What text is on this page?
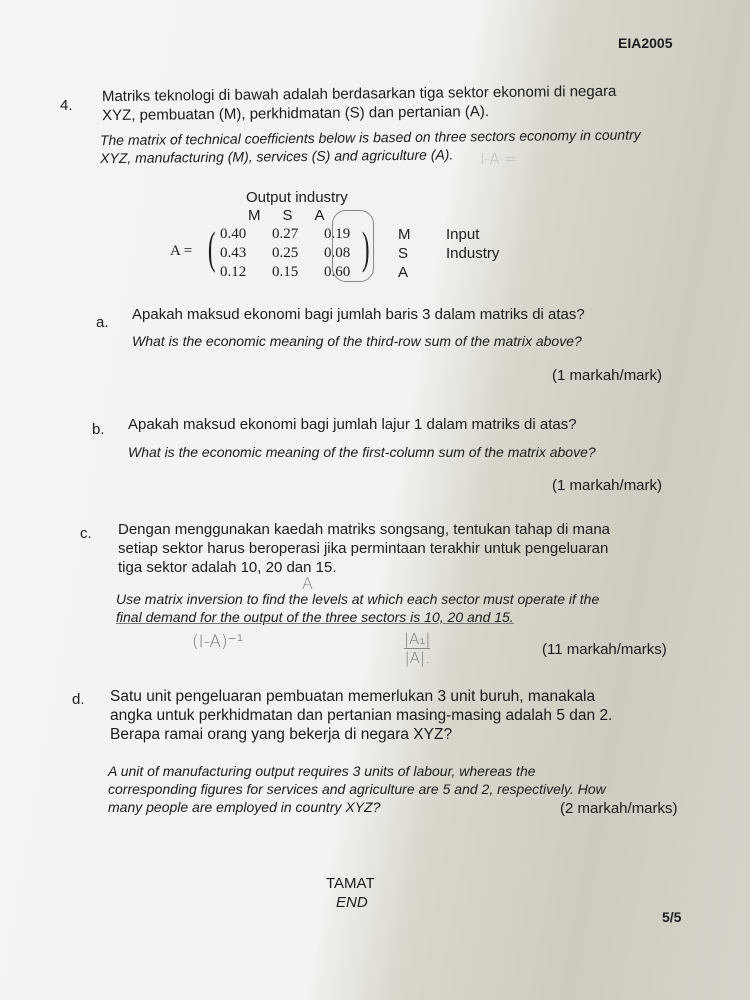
EIA2005
4.
Matriks teknologi di bawah adalah berdasarkan tiga sektor ekonomi di negara
XYZ, pembuatan (M), perkhidmatan (S) dan pertanian (A).
The matrix of technical coefficients below is based on three sectors economy in country
XYZ, manufacturing (M), services (S) and agriculture (A).	I-A =
Output industry
M S A
A = (	)
0.40	0.27	0.19
0.43	0.25	0.08
0.12	0.15	0.60
M
S
A
Input
Industry
a. Apakah maksud ekonomi bagi jumlah baris 3 dalam matriks di atas?
What is the economic meaning of the third-row sum of the matrix above?
(1 markah/mark)
b. Apakah maksud ekonomi bagi jumlah lajur 1 dalam matriks di atas?
What is the economic meaning of the first-column sum of the matrix above?
(1 markah/mark)
c. Dengan menggunakan kaedah matriks songsang, tentukan tahap di mana
setiap sektor harus beroperasi jika permintaan terakhir untuk pengeluaran
tiga sektor adalah 10, 20 dan 15.
A
Use matrix inversion to find the levels at which each sector must operate if the
final demand for the output of the three sectors is 10, 20 and 15.
(I-A)⁻¹	$\frac{\text{|A₁|}}{|A|.}$	(11 markah/marks)
d. Satu unit pengeluaran pembuatan memerlukan 3 unit buruh, manakala
angka untuk perkhidmatan dan pertanian masing-masing adalah 5 dan 2.
Berapa ramai orang yang bekerja di negara XYZ?
A unit of manufacturing output requires 3 units of labour, whereas the
corresponding figures for services and agriculture are 5 and 2, respectively. How
many people are employed in country XYZ?	(2 markah/marks)
TAMAT
END
5/5
